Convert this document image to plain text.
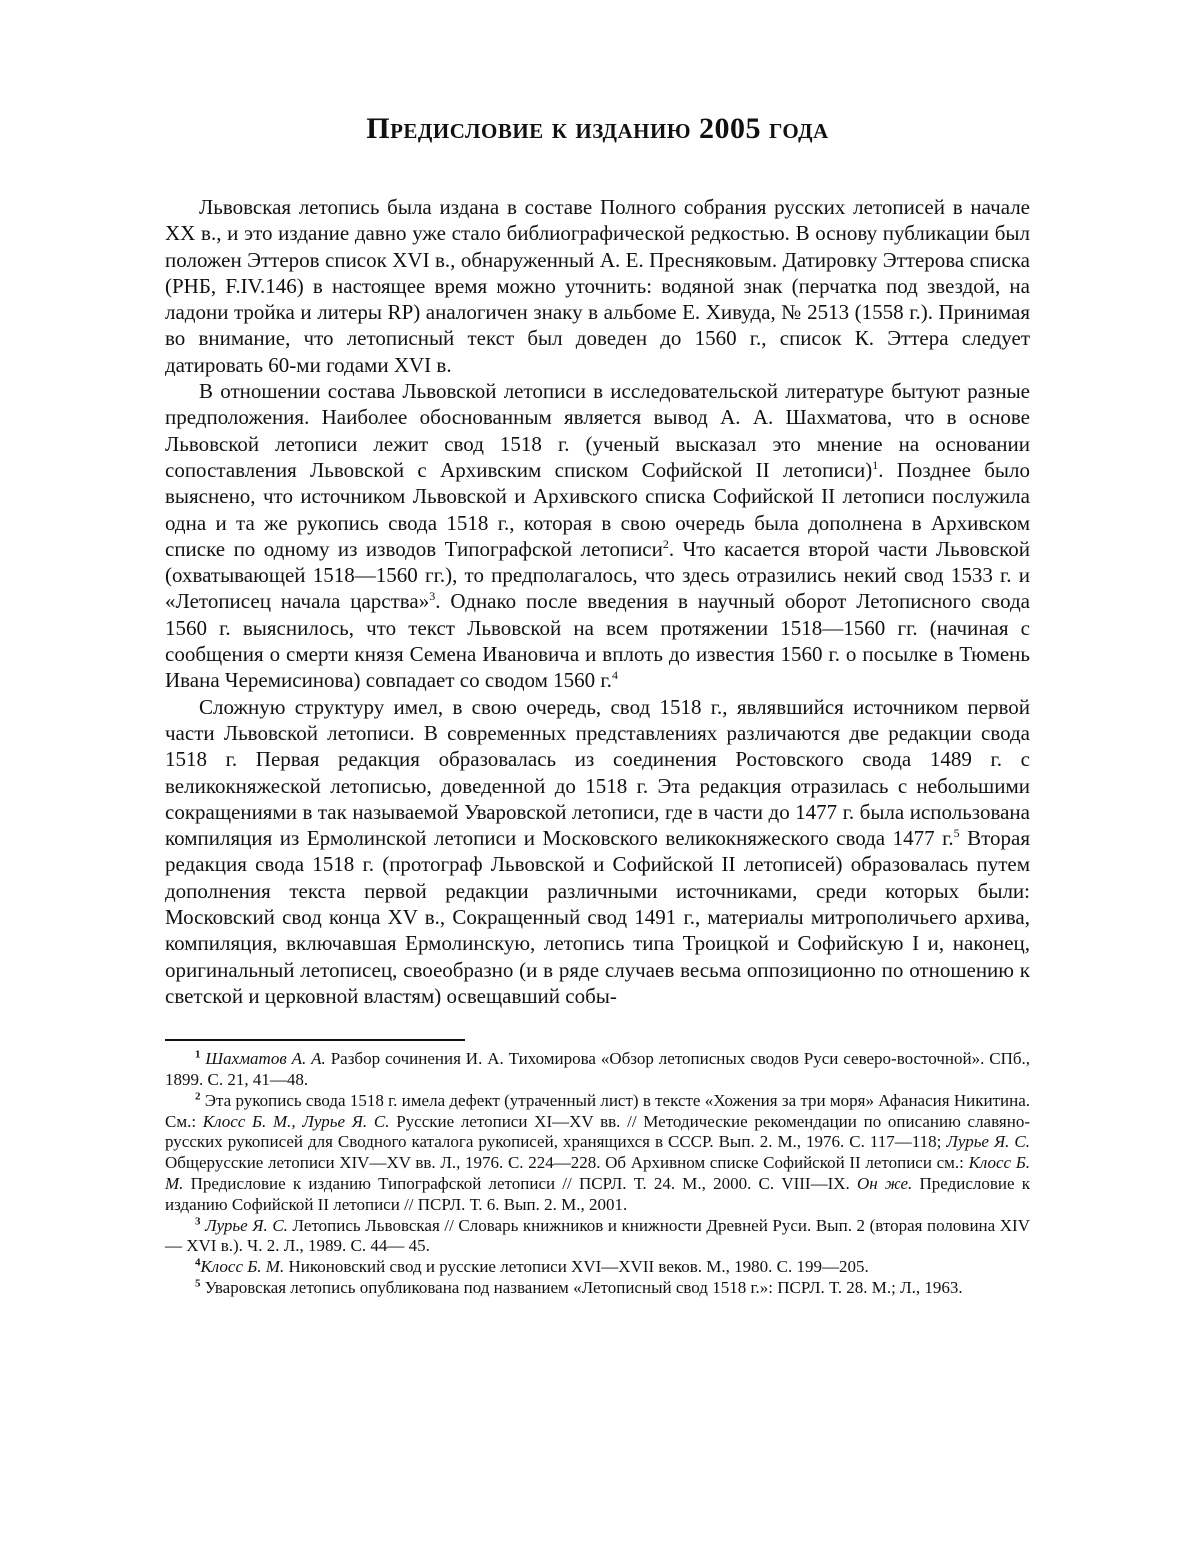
Предисловие к изданию 2005 года

Львовская летопись была издана в составе Полного собрания русских летописей в начале XX в., и это издание давно уже стало библиографической редкостью. В основу публикации был положен Эттеров список XVI в., обнаруженный А. Е. Пресняковым. Датировку Эттерова списка (РНБ, F.IV.146) в настоящее время можно уточнить: водяной знак (перчатка под звездой, на ладони тройка и литеры RP) аналогичен знаку в альбоме Е. Хивуда, № 2513 (1558 г.). Принимая во внимание, что летописный текст был доведен до 1560 г., список К. Эттера следует датировать 60-ми годами XVI в.

В отношении состава Львовской летописи в исследовательской литературе бытуют разные предположения. Наиболее обоснованным является вывод А. А. Шахматова, что в основе Львовской летописи лежит свод 1518 г. (ученый высказал это мнение на основании сопоставления Львовской с Архивским списком Софийской II летописи)$^1$. Позднее было выяснено, что источником Львовской и Архивского списка Софийской II летописи послужила одна и та же рукопись свода 1518 г., которая в свою очередь была дополнена в Архивском списке по одному из изводов Типографской летописи$^2$. Что касается второй части Львовской (охватывающей 1518—1560 гг.), то предполагалось, что здесь отразились некий свод 1533 г. и «Летописец начала царства»$^3$. Однако после введения в научный оборот Летописного свода 1560 г. выяснилось, что текст Львовской на всем протяжении 1518—1560 гг. (начиная с сообщения о смерти князя Семена Ивановича и вплоть до известия 1560 г. о посылке в Тюмень Ивана Черемисинова) совпадает со сводом 1560 г.$^4$

Сложную структуру имел, в свою очередь, свод 1518 г., являвшийся источником первой части Львовской летописи. В современных представлениях различаются две редакции свода 1518 г. Первая редакция образовалась из соединения Ростовского свода 1489 г. с великокняжеской летописью, доведенной до 1518 г. Эта редакция отразилась с небольшими сокращениями в так называемой Уваровской летописи, где в части до 1477 г. была использована компиляция из Ермолинской летописи и Московского великокняжеского свода 1477 г.$^5$ Вторая редакция свода 1518 г. (протограф Львовской и Софийской II летописей) образовалась путем дополнения текста первой редакции различными источниками, среди которых были: Московский свод конца XV в., Сокращенный свод 1491 г., материалы митрополичьего архива, компиляция, включавшая Ермолинскую, летопись типа Троицкой и Софийскую I и, наконец, оригинальный летописец, своеобразно (и в ряде случаев весьма оппозиционно по отношению к светской и церковной властям) освещавший собы-

$^1$ Шахматов А. А. Разбор сочинения И. А. Тихомирова «Обзор летописных сводов Руси северо-восточной». СПб., 1899. С. 21, 41—48.

$^2$ Эта рукопись свода 1518 г. имела дефект (утраченный лист) в тексте «Хожения за три моря» Афанасия Никитина. См.: Клосс Б. М., Лурье Я. С. Русские летописи XI—XV вв. // Методические рекомендации по описанию славяно-русских рукописей для Сводного каталога рукописей, хранящихся в СССР. Вып. 2. М., 1976. С. 117—118; Лурье Я. С. Общерусские летописи XIV—XV вв. Л., 1976. С. 224—228. Об Архивном списке Софийской II летописи см.: Клосс Б. М. Предисловие к изданию Типографской летописи // ПСРЛ. Т. 24. М., 2000. С. VIII—IX. Он же. Предисловие к изданию Софийской II летописи // ПСРЛ. Т. 6. Вып. 2. М., 2001.

$^3$ Лурье Я. С. Летопись Львовская // Словарь книжников и книжности Древней Руси. Вып. 2 (вторая половина XIV — XVI в.). Ч. 2. Л., 1989. С. 44— 45.

$^4$Клосс Б. М. Никоновский свод и русские летописи XVI—XVII веков. М., 1980. С. 199—205.

$^5$ Уваровская летопись опубликована под названием «Летописный свод 1518 г.»: ПСРЛ. Т. 28. М.; Л., 1963.
